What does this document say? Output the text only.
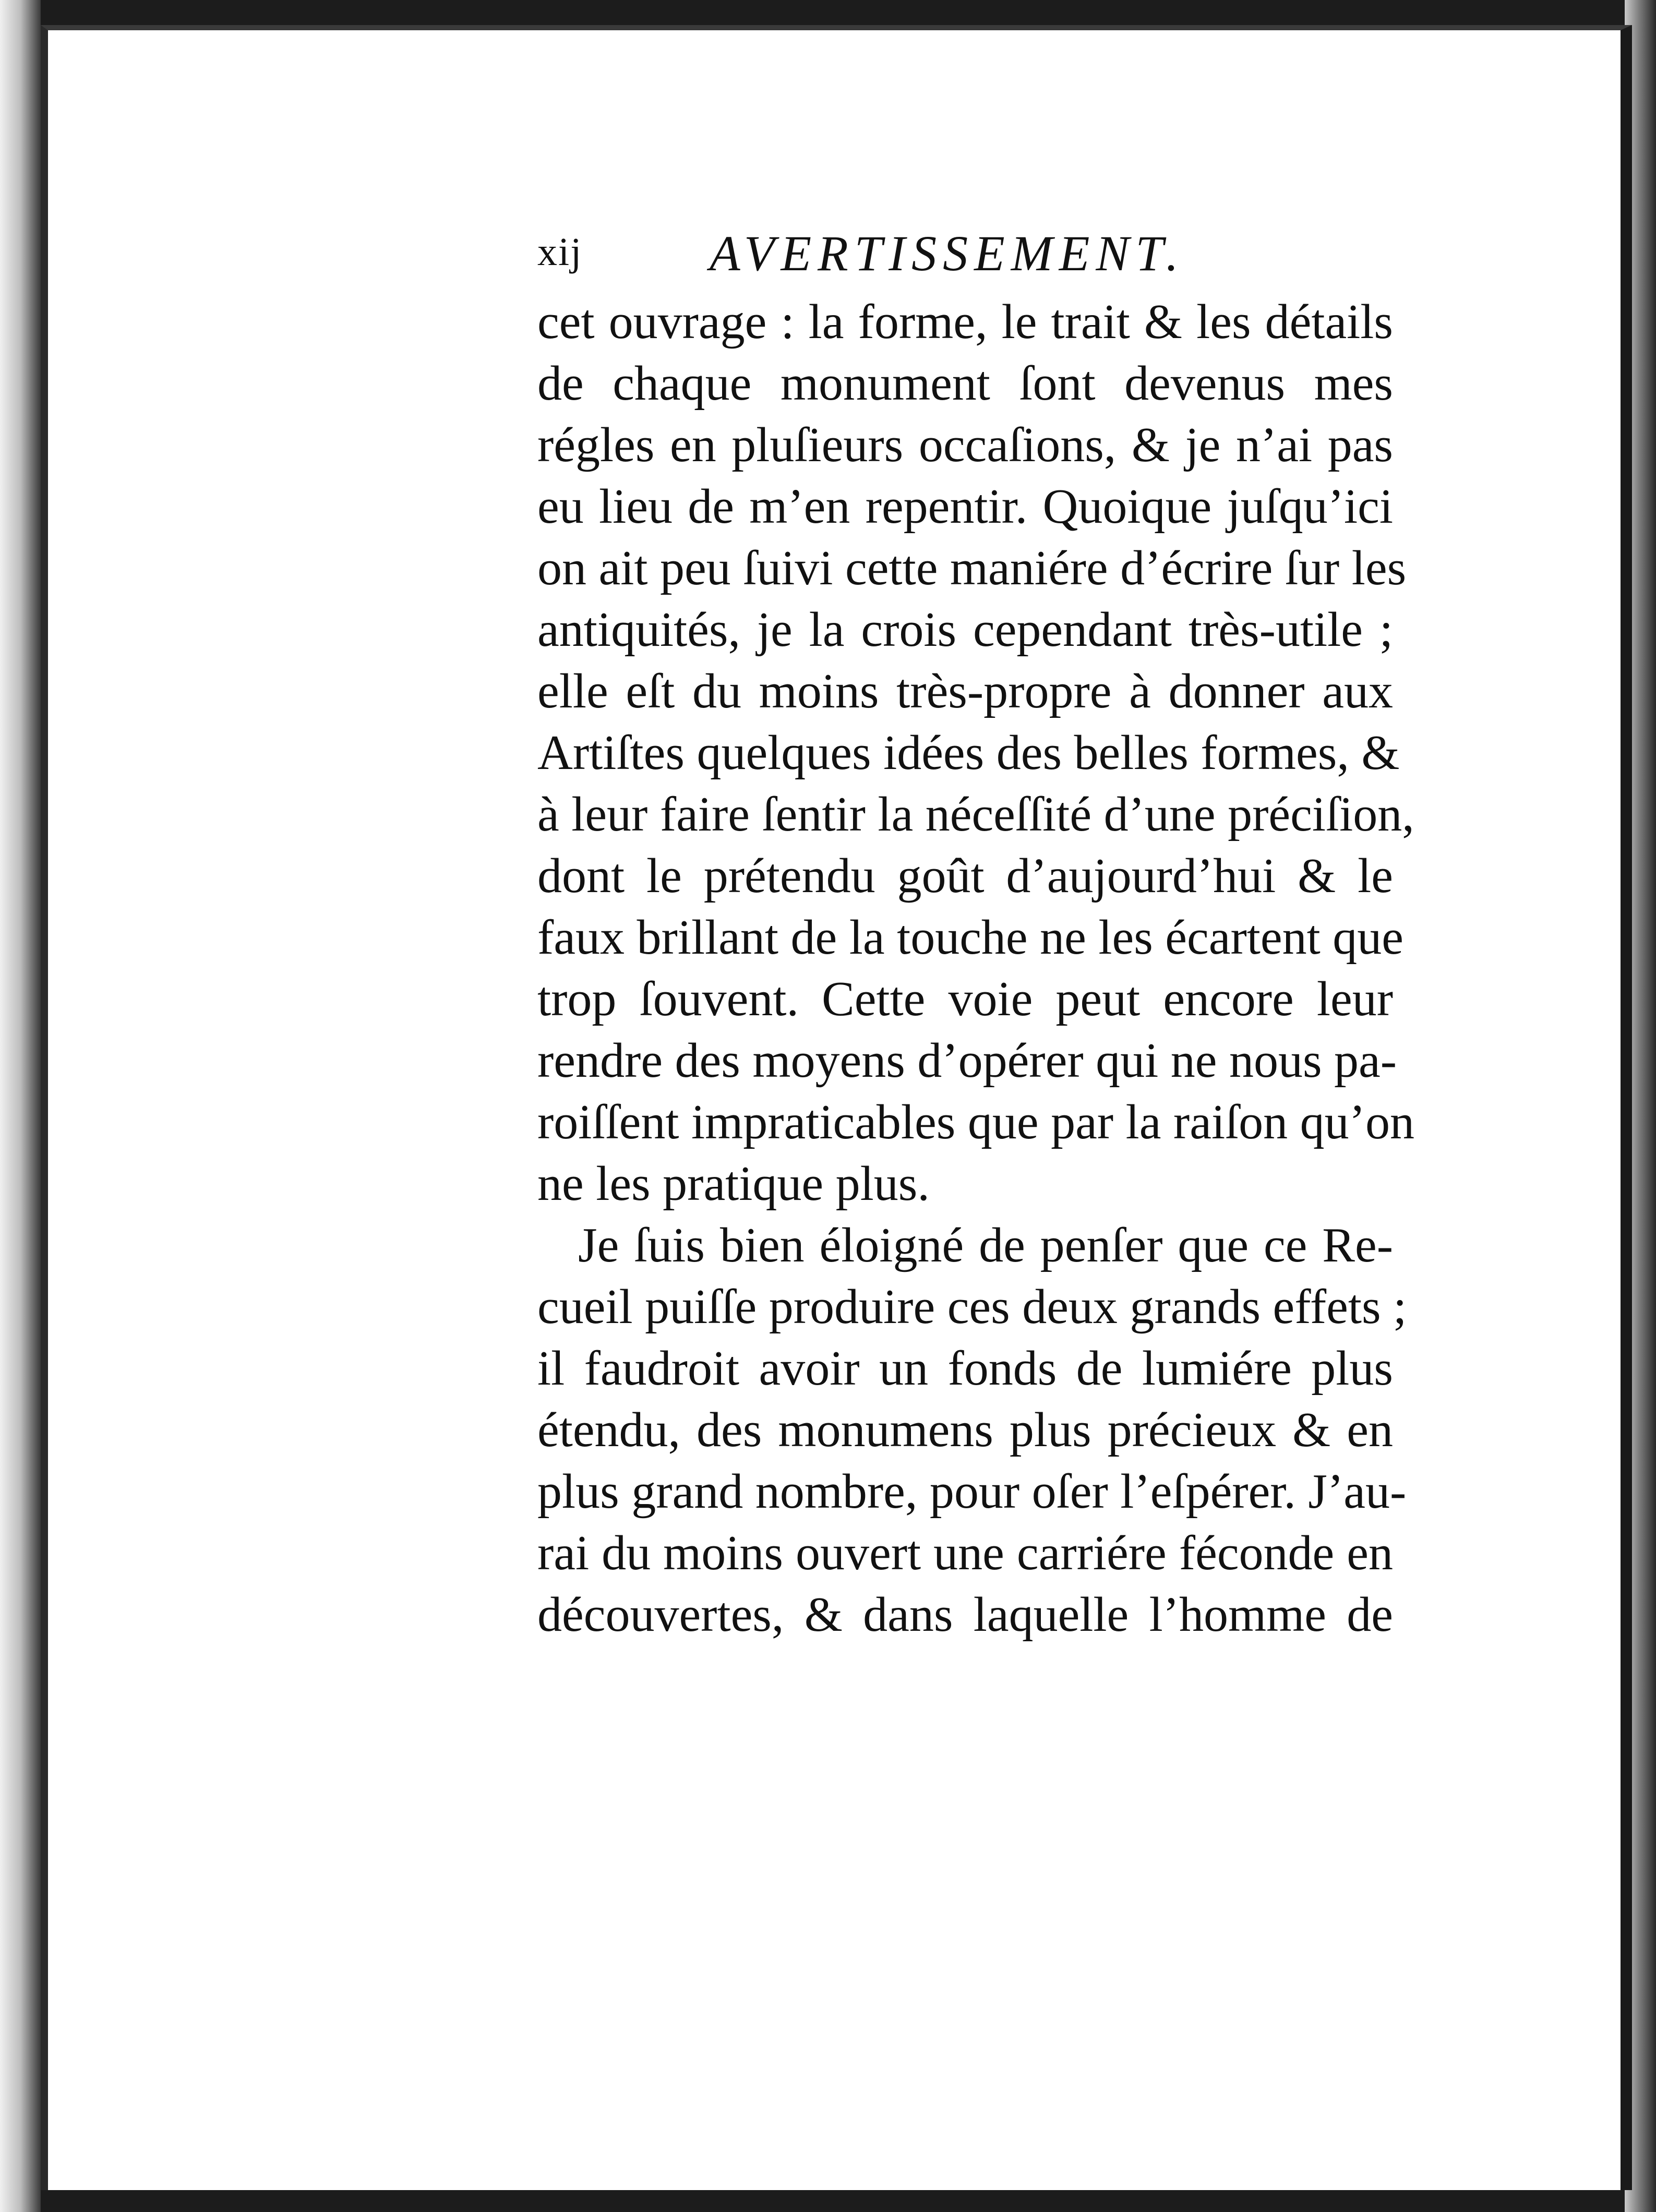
xij	AVERTISSEMENT.
cet ouvrage : la forme, le trait & les détails
de chaque monument ſont devenus mes
régles en pluſieurs occaſions, & je n’ai pas
eu lieu de m’en repentir. Quoique juſqu’ici
on ait peu ſuivi cette maniére d’écrire ſur les
antiquités, je la crois cependant très-utile ;
elle eſt du moins très-propre à donner aux
Artiſtes quelques idées des belles formes, &
à leur faire ſentir la néceſſité d’une préciſion,
dont le prétendu goût d’aujourd’hui & le
faux brillant de la touche ne les écartent que
trop ſouvent. Cette voie peut encore leur
rendre des moyens d’opérer qui ne nous pa-
roiſſent impraticables que par la raiſon qu’on
ne les pratique plus.
Je ſuis bien éloigné de penſer que ce Re-
cueil puiſſe produire ces deux grands effets ;
il faudroit avoir un fonds de lumiére plus
étendu, des monumens plus précieux & en
plus grand nombre, pour oſer l’eſpérer. J’au-
rai du moins ouvert une carriére féconde en
découvertes, & dans laquelle l’homme de
